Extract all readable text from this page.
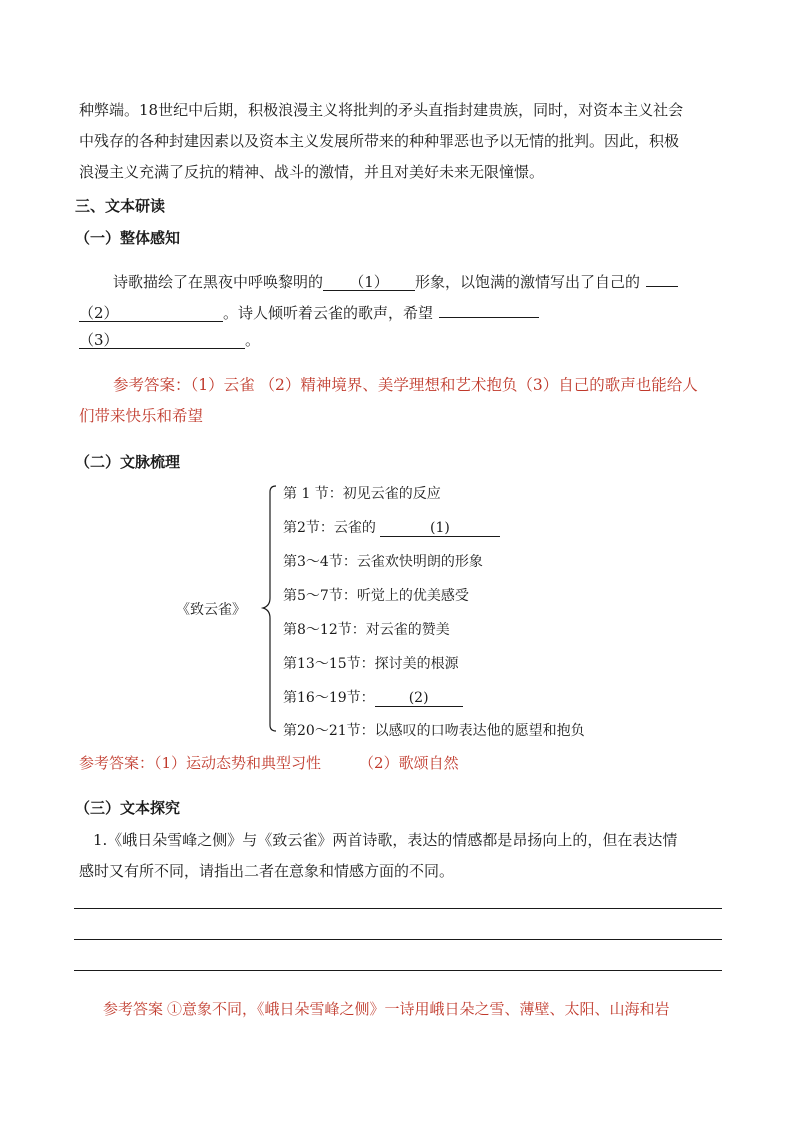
种弊端。18世纪中后期，积极浪漫主义将批判的矛头直指封建贵族，同时，对资本主义社会
中残存的各种封建因素以及资本主义发展所带来的种种罪恶也予以无情的批判。因此，积极
浪漫主义充满了反抗的精神、战斗的激情，并且对美好未来无限憧憬。
三、文本研读
（一）整体感知
诗歌描绘了在黑夜中呼唤黎明的 （1） 形象，以饱满的激情写出了自己的
（2）	。诗人倾听着云雀的歌声，希望
（3）	。
参考答案：（1）云雀 （2）精神境界、美学理想和艺术抱负（3）自己的歌声也能给人
们带来快乐和希望
（二）文脉梳理
《致云雀》
第 1 节：初见云雀的反应
第2节：云雀的	(1)
第3～4节：云雀欢快明朗的形象
第5～7节：听觉上的优美感受
第8～12节：对云雀的赞美
第13～15节：探讨美的根源
第16～19节： (2)
第20～21节：以感叹的口吻表达他的愿望和抱负
参考答案：（1）运动态势和典型习性	（2）歌颂自然
（三）文本探究
1.《峨日朵雪峰之侧》与《致云雀》两首诗歌，表达的情感都是昂扬向上的，但在表达情
感时又有所不同，请指出二者在意象和情感方面的不同。
参考答案 ①意象不同，《峨日朵雪峰之侧》一诗用峨日朵之雪、薄壁、太阳、山海和岩
